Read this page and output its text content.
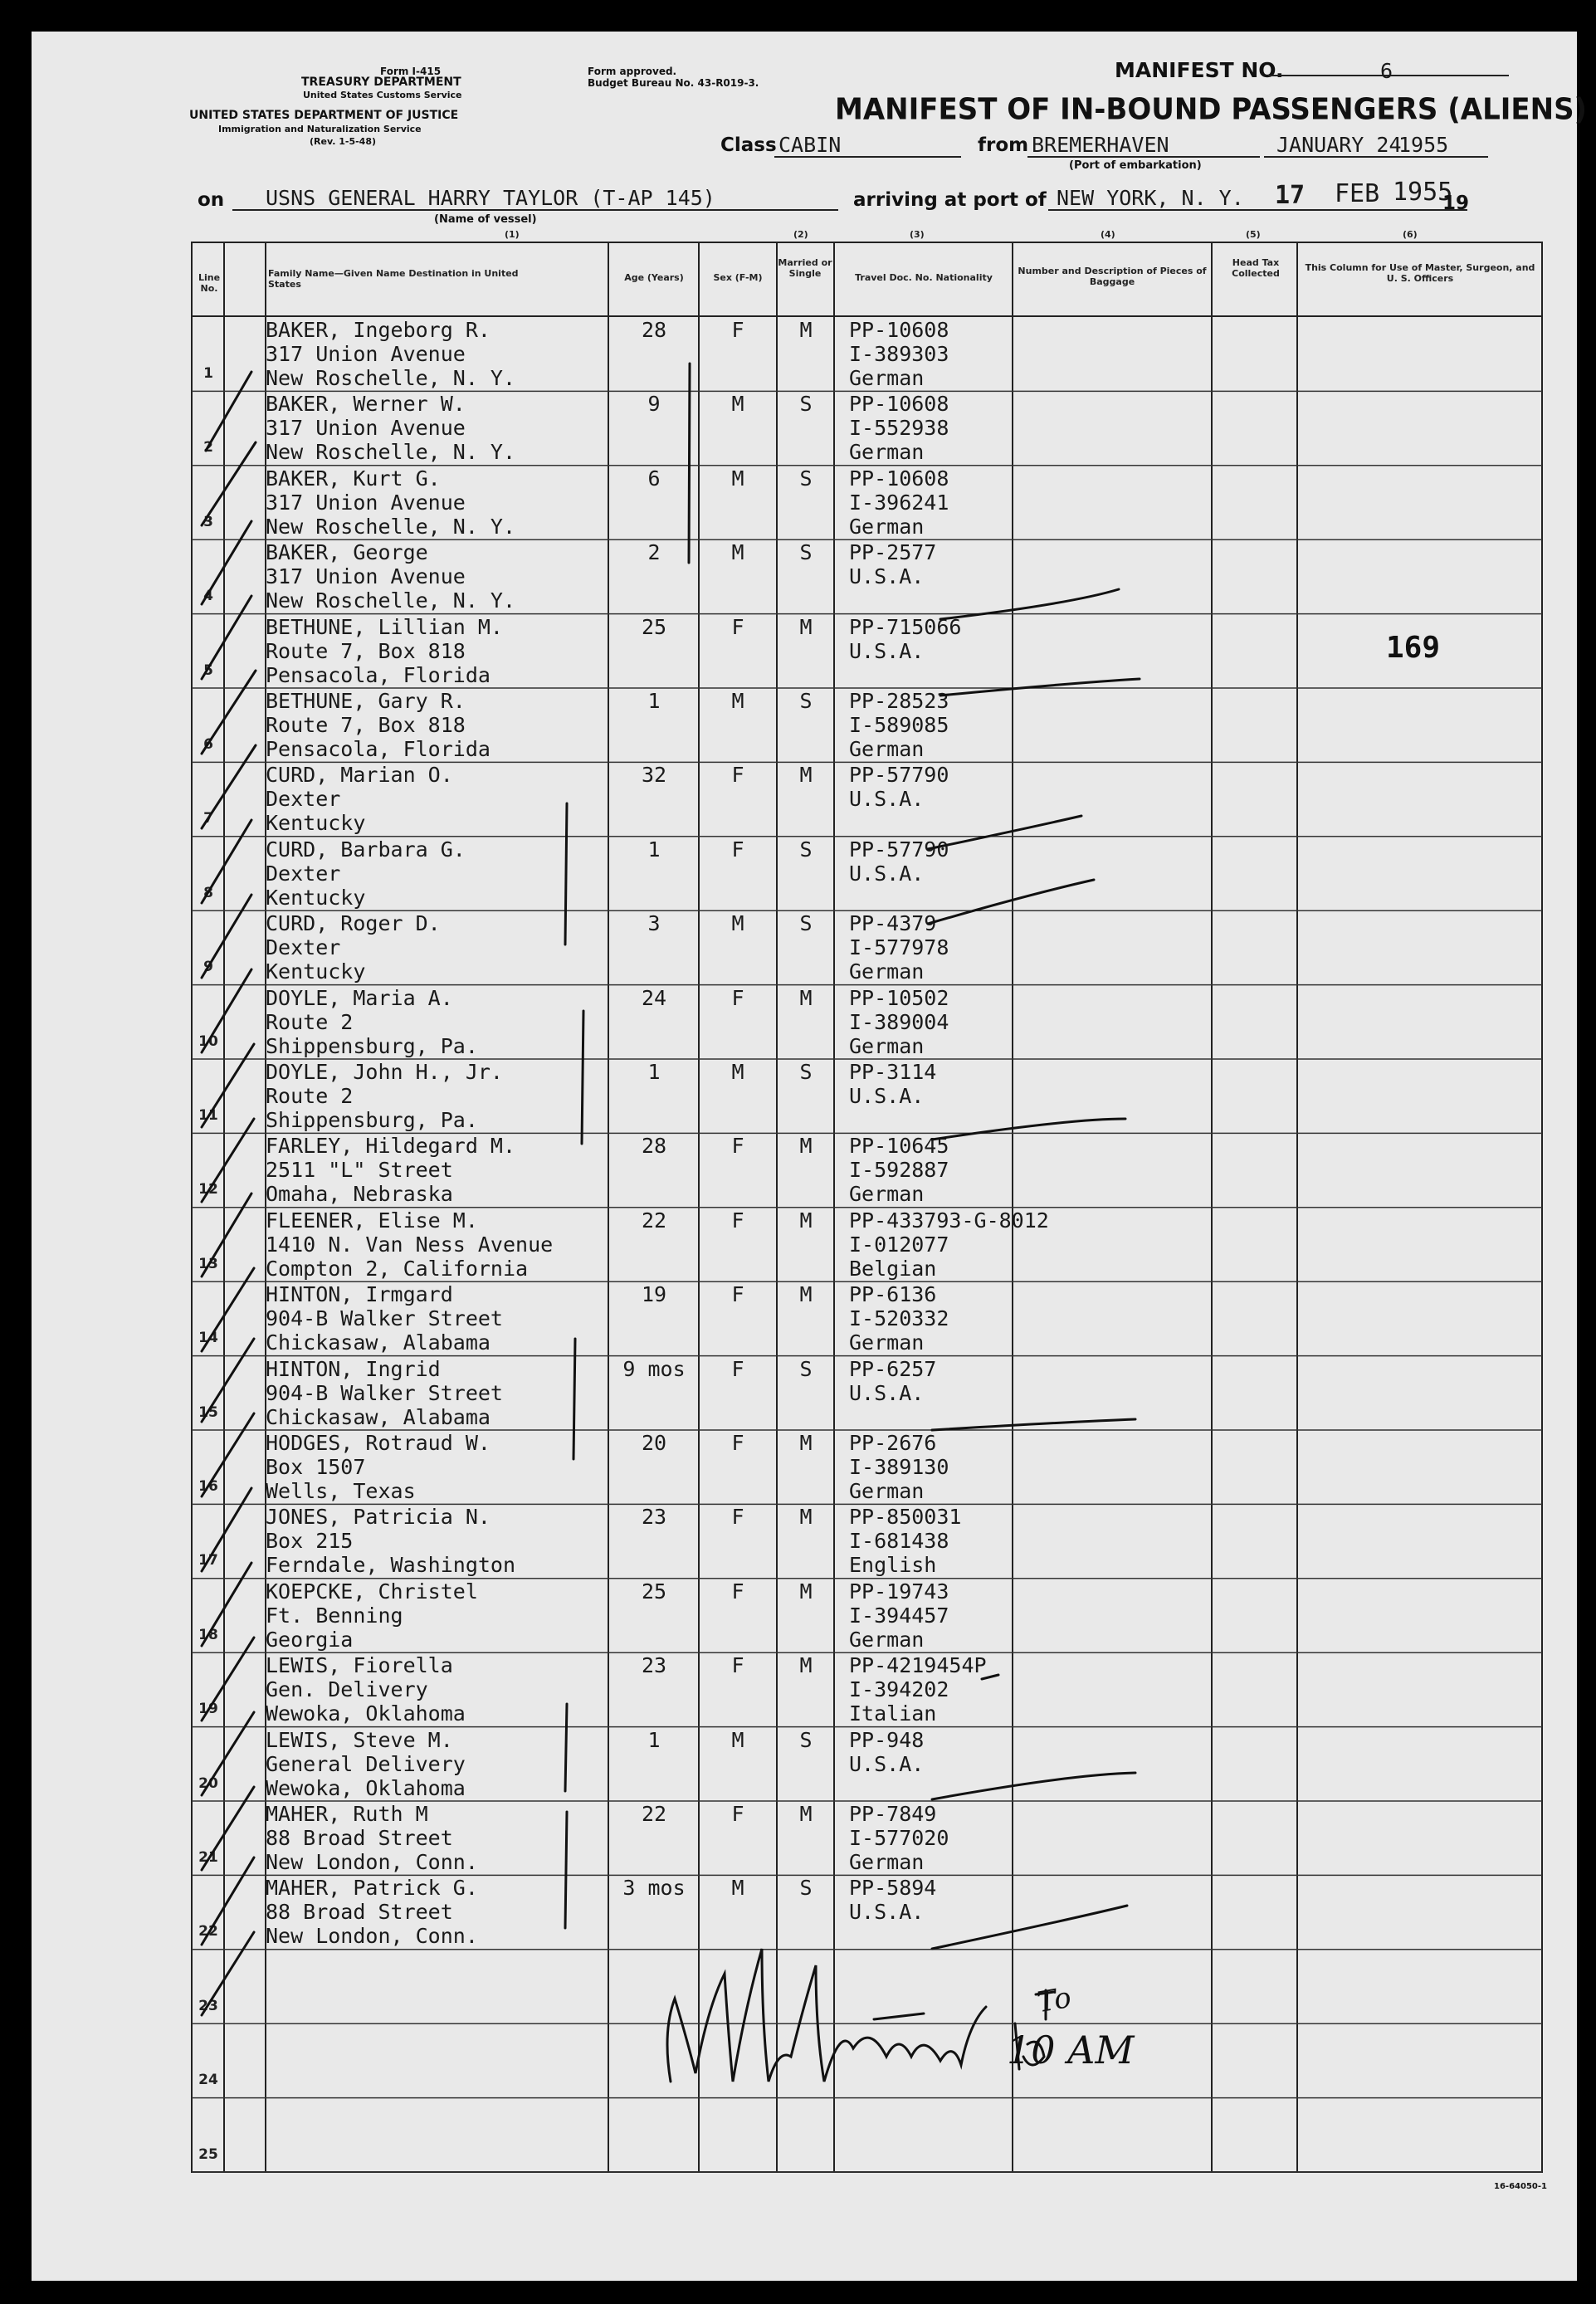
Form I-415
TREASURY DEPARTMENT
United States Customs Service
UNITED STATES DEPARTMENT OF JUSTICE
Immigration and Naturalization Service
(Rev. 1-5-48)
Form approved.
Budget Bureau No. 43-R019-3.
MANIFEST NO.	6
MANIFEST OF IN-BOUND PASSENGERS (ALIENS)
Class CABIN	from BREMERHAVEN
(Port of embarkation)
JANUARY 24
1955
on USNS GENERAL HARRY TAYLOR (T-AP 145)
(Name of vessel)
arriving at port of NEW YORK, N. Y. 17 FEB 1955
19
(1)	(2)	(3)	(4)	(5)	(6)
Line No.
Family Name—Given Name Destination in United States
Age (Years)	Sex (F-M)
Married or Single	Travel Doc. No. Nationality
Number and Description of Pieces of Baggage
Head Tax Collected
This Column for Use of Master, Surgeon, and U. S. Officers
1
BAKER, Ingeborg R.
317 Union Avenue
New Roschelle, N. Y.
28	F	M	PP-10608
I-389303
German
2
BAKER, Werner W.
317 Union Avenue
New Roschelle, N. Y.
9	M	S	PP-10608
I-552938
German
3
BAKER, Kurt G.
317 Union Avenue
New Roschelle, N. Y.
6	M	S	PP-10608
I-396241
German
4
BAKER, George
317 Union Avenue
New Roschelle, N. Y.
2	M	S	PP-2577
U.S.A.
5
BETHUNE, Lillian M.
Route 7, Box 818
Pensacola, Florida
25	F	M	PP-715066
U.S.A.
6
BETHUNE, Gary R.
Route 7, Box 818
Pensacola, Florida
1	M	S	PP-28523
I-589085
German
7
CURD, Marian O.
Dexter
Kentucky
32	F	M	PP-57790
U.S.A.
8
CURD, Barbara G.
Dexter
Kentucky
1	F	S	PP-57790
U.S.A.
9
CURD, Roger D.
Dexter
Kentucky
3	M	S	PP-4379
I-577978
German
10
DOYLE, Maria A.
Route 2
Shippensburg, Pa.
24	F	M	PP-10502
I-389004
German
11
DOYLE, John H., Jr.
Route 2
Shippensburg, Pa.
1	M	S	PP-3114
U.S.A.
12
FARLEY, Hildegard M.
2511 "L" Street
Omaha, Nebraska
28	F	M	PP-10645
I-592887
German
13
FLEENER, Elise M.
1410 N. Van Ness Avenue
Compton 2, California
22	F	M	PP-433793-G-8012
I-012077
Belgian
14
HINTON, Irmgard
904-B Walker Street
Chickasaw, Alabama
19	F	M	PP-6136
I-520332
German
15
HINTON, Ingrid
904-B Walker Street
Chickasaw, Alabama
9 mos	F	S	PP-6257
U.S.A.
16
HODGES, Rotraud W.
Box 1507
Wells, Texas
20	F	M	PP-2676
I-389130
German
17
JONES, Patricia N.
Box 215
Ferndale, Washington
23	F	M	PP-850031
I-681438
English
18
KOEPCKE, Christel
Ft. Benning
Georgia
25	F	M	PP-19743
I-394457
German
19
LEWIS, Fiorella
Gen. Delivery
Wewoka, Oklahoma
23	F	M	PP-4219454P
I-394202
Italian
20
LEWIS, Steve M.
General Delivery
Wewoka, Oklahoma
1	M	S	PP-948
U.S.A.
21
MAHER, Ruth M
88 Broad Street
New London, Conn.
22	F	M	PP-7849
I-577020
German
22
MAHER, Patrick G.
88 Broad Street
New London, Conn.
3 mos	M	S	PP-5894
U.S.A.
23
24
25
169
To
10 AM
16-64050-1
